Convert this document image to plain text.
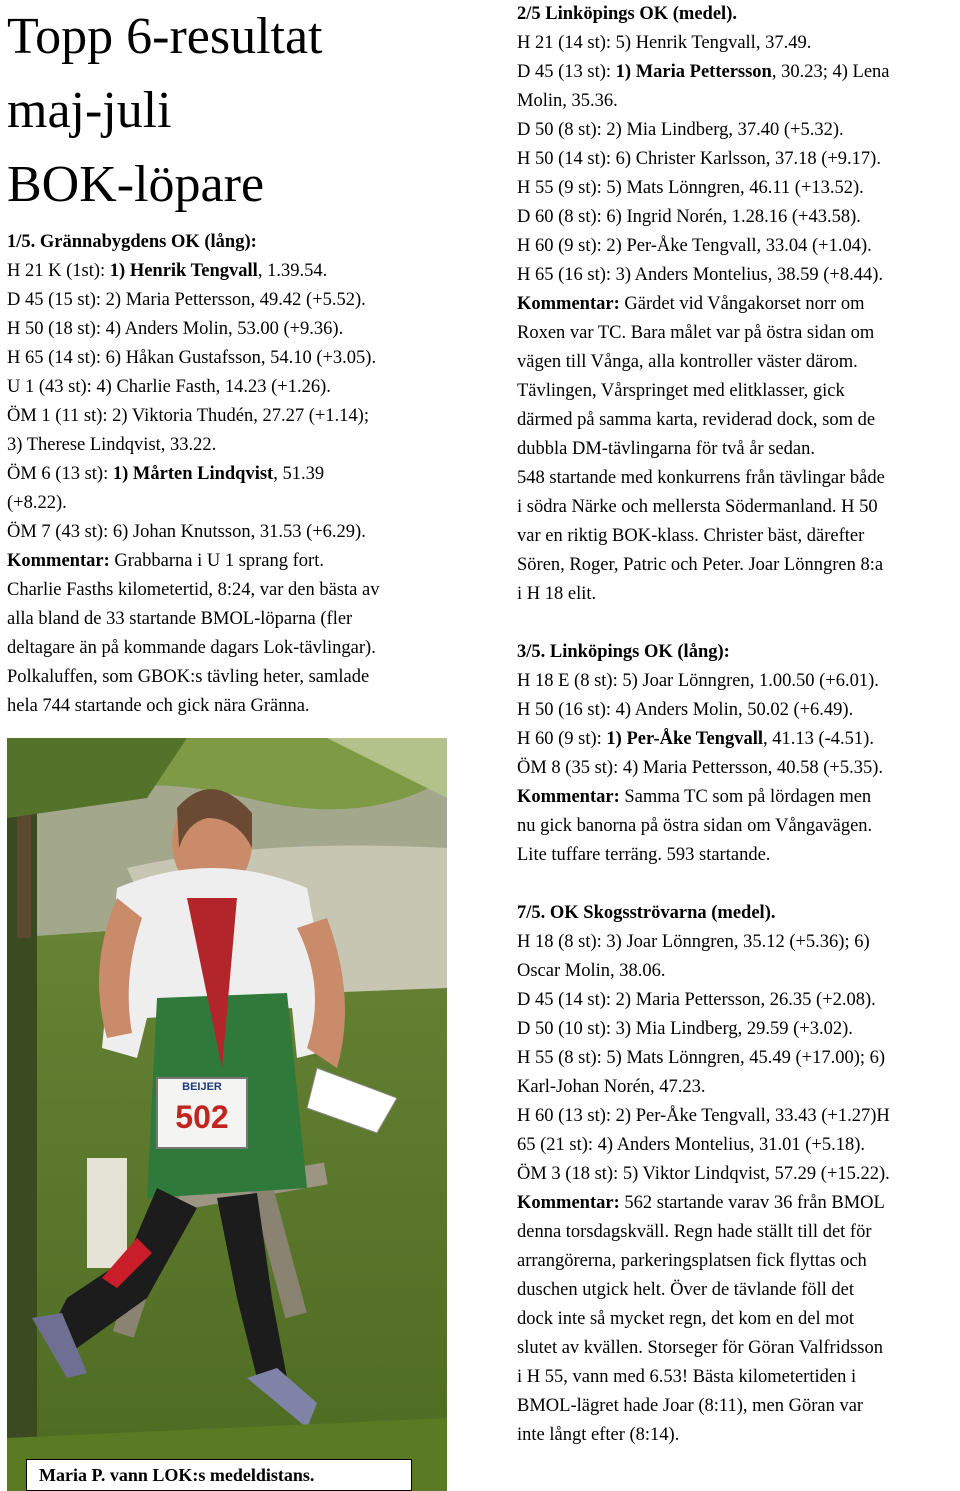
Topp 6-resultat
maj-juli
BOK-löpare
1/5. Grännabygdens OK (lång):
H 21 K (1st): 1) Henrik Tengvall, 1.39.54.
D 45 (15 st): 2) Maria Pettersson, 49.42 (+5.52).
H 50 (18 st): 4) Anders Molin, 53.00 (+9.36).
H 65 (14 st): 6) Håkan Gustafsson, 54.10 (+3.05).
U 1 (43 st): 4) Charlie Fasth, 14.23 (+1.26).
ÖM 1 (11 st): 2) Viktoria Thudén, 27.27 (+1.14);
3) Therese Lindqvist, 33.22.
ÖM 6 (13 st): 1) Mårten Lindqvist, 51.39
(+8.22).
ÖM 7 (43 st): 6) Johan Knutsson, 31.53 (+6.29).
Kommentar: Grabbarna i U 1 sprang fort.
Charlie Fasths kilometertid, 8:24, var den bästa av
alla bland de 33 startande BMOL-löparna (fler
deltagare än på kommande dagars Lok-tävlingar).
Polkaluffen, som GBOK:s tävling heter, samlade
hela 744 startande och gick nära Gränna.
BEIJER
502
Maria P. vann LOK:s medeldistans.
2/5 Linköpings OK (medel).
H 21 (14 st): 5) Henrik Tengvall, 37.49.
D 45 (13 st): 1) Maria Pettersson, 30.23; 4) Lena
Molin, 35.36.
D 50 (8 st): 2) Mia Lindberg, 37.40 (+5.32).
H 50 (14 st): 6) Christer Karlsson, 37.18 (+9.17).
H 55 (9 st): 5) Mats Lönngren, 46.11 (+13.52).
D 60 (8 st): 6) Ingrid Norén, 1.28.16 (+43.58).
H 60 (9 st): 2) Per-Åke Tengvall, 33.04 (+1.04).
H 65 (16 st): 3) Anders Montelius, 38.59 (+8.44).
Kommentar: Gärdet vid Vångakorset norr om
Roxen var TC. Bara målet var på östra sidan om
vägen till Vånga, alla kontroller väster därom.
Tävlingen, Vårspringet med elitklasser, gick
därmed på samma karta, reviderad dock, som de
dubbla DM-tävlingarna för två år sedan.
548 startande med konkurrens från tävlingar både
i södra Närke och mellersta Södermanland. H 50
var en riktig BOK-klass. Christer bäst, därefter
Sören, Roger, Patric och Peter. Joar Lönngren 8:a
i H 18 elit.
3/5. Linköpings OK (lång):
H 18 E (8 st): 5) Joar Lönngren, 1.00.50 (+6.01).
H 50 (16 st): 4) Anders Molin, 50.02 (+6.49).
H 60 (9 st): 1) Per-Åke Tengvall, 41.13 (-4.51).
ÖM 8 (35 st): 4) Maria Pettersson, 40.58 (+5.35).
Kommentar: Samma TC som på lördagen men
nu gick banorna på östra sidan om Vångavägen.
Lite tuffare terräng. 593 startande.
7/5. OK Skogsströvarna (medel).
H 18 (8 st): 3) Joar Lönngren, 35.12 (+5.36); 6)
Oscar Molin, 38.06.
D 45 (14 st): 2) Maria Pettersson, 26.35 (+2.08).
D 50 (10 st): 3) Mia Lindberg, 29.59 (+3.02).
H 55 (8 st): 5) Mats Lönngren, 45.49 (+17.00); 6)
Karl-Johan Norén, 47.23.
H 60 (13 st): 2) Per-Åke Tengvall, 33.43 (+1.27)H
65 (21 st): 4) Anders Montelius, 31.01 (+5.18).
ÖM 3 (18 st): 5) Viktor Lindqvist, 57.29 (+15.22).
Kommentar: 562 startande varav 36 från BMOL
denna torsdagskväll. Regn hade ställt till det för
arrangörerna, parkeringsplatsen fick flyttas och
duschen utgick helt. Över de tävlande föll det
dock inte så mycket regn, det kom en del mot
slutet av kvällen. Storseger för Göran Valfridsson
i H 55, vann med 6.53! Bästa kilometertiden i
BMOL-lägret hade Joar (8:11), men Göran var
inte långt efter (8:14).
